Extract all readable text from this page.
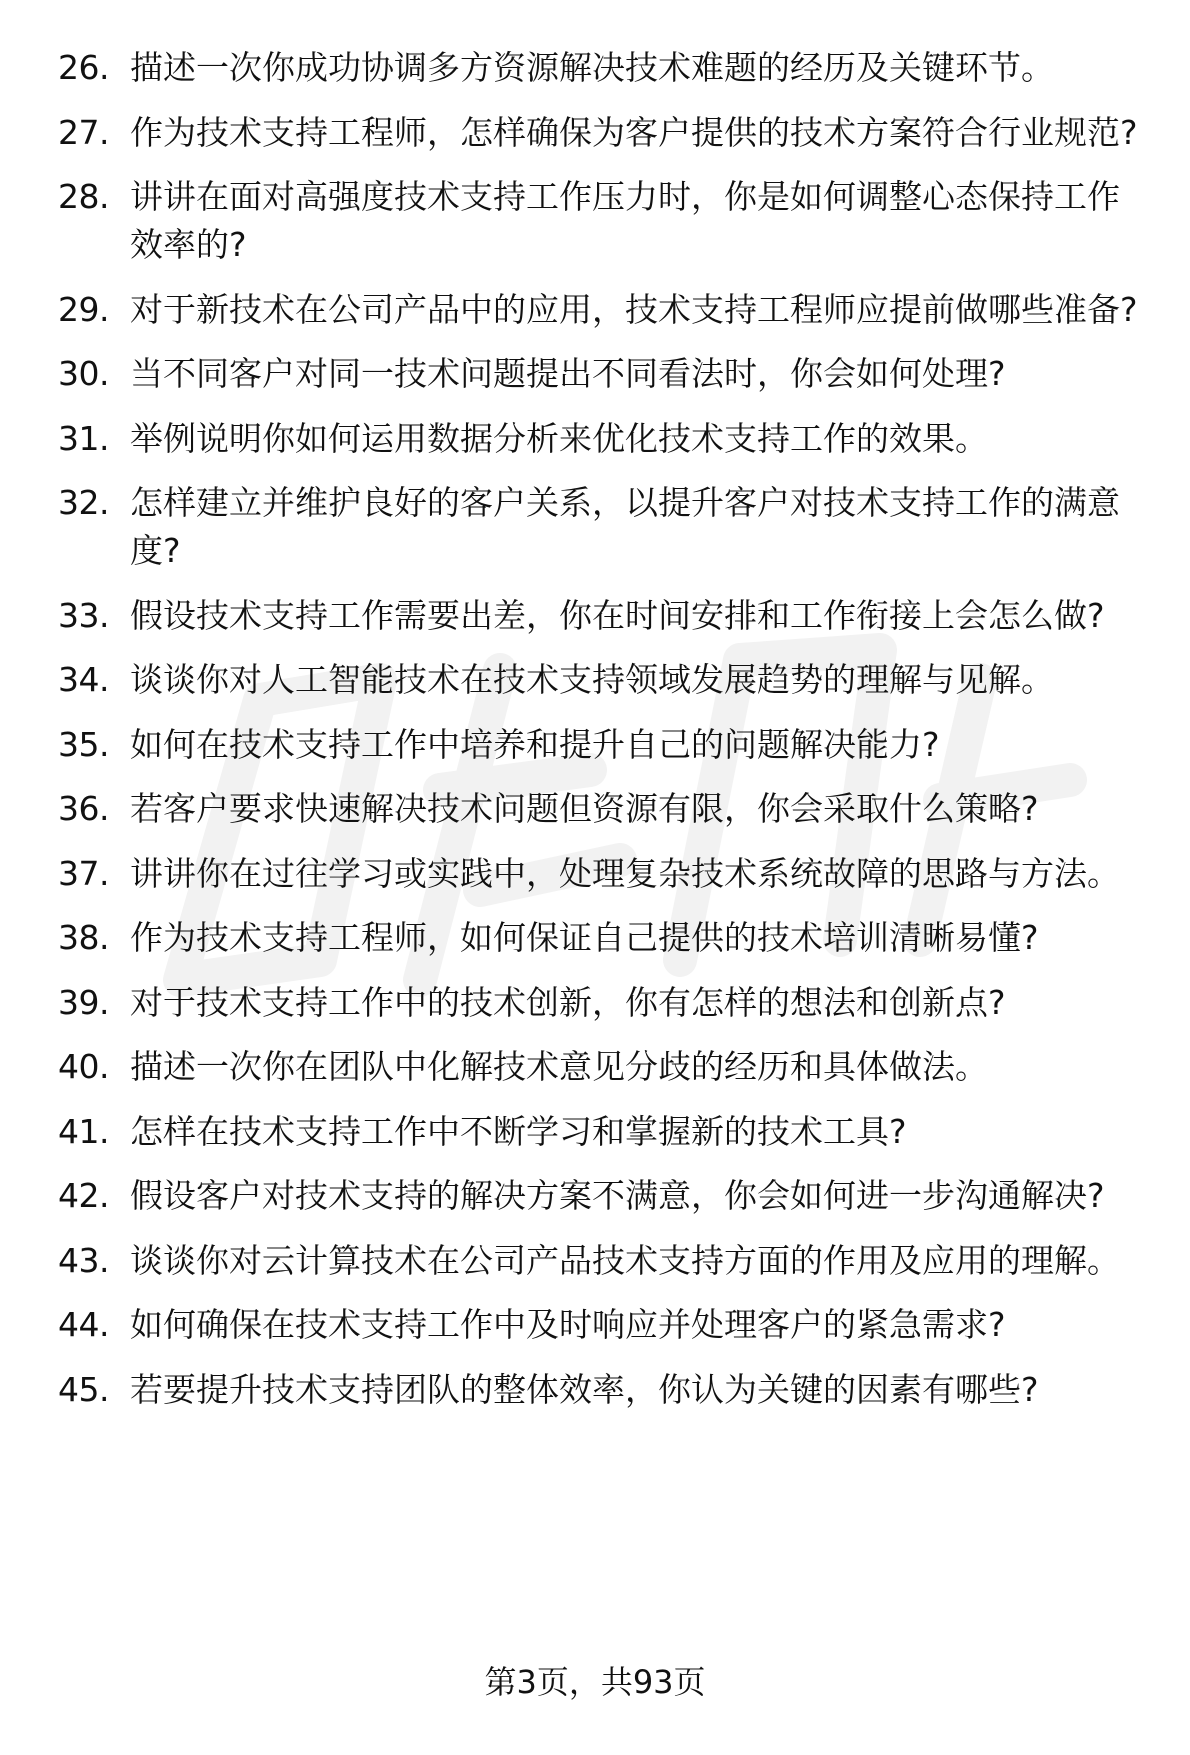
26. 描述一次你成功协调多方资源解决技术难题的经历及关键环节。
27. 作为技术支持工程师，怎样确保为客户提供的技术方案符合行业规范?
28. 讲讲在面对高强度技术支持工作压力时，你是如何调整心态保持工作效率的?
29. 对于新技术在公司产品中的应用，技术支持工程师应提前做哪些准备?
30. 当不同客户对同一技术问题提出不同看法时，你会如何处理?
31. 举例说明你如何运用数据分析来优化技术支持工作的效果。
32. 怎样建立并维护良好的客户关系，以提升客户对技术支持工作的满意度?
33. 假设技术支持工作需要出差，你在时间安排和工作衔接上会怎么做?
34. 谈谈你对人工智能技术在技术支持领域发展趋势的理解与见解。
35. 如何在技术支持工作中培养和提升自己的问题解决能力?
36. 若客户要求快速解决技术问题但资源有限，你会采取什么策略?
37. 讲讲你在过往学习或实践中，处理复杂技术系统故障的思路与方法。
38. 作为技术支持工程师，如何保证自己提供的技术培训清晰易懂?
39. 对于技术支持工作中的技术创新，你有怎样的想法和创新点?
40. 描述一次你在团队中化解技术意见分歧的经历和具体做法。
41. 怎样在技术支持工作中不断学习和掌握新的技术工具?
42. 假设客户对技术支持的解决方案不满意，你会如何进一步沟通解决?
43. 谈谈你对云计算技术在公司产品技术支持方面的作用及应用的理解。
44. 如何确保在技术支持工作中及时响应并处理客户的紧急需求?
45. 若要提升技术支持团队的整体效率，你认为关键的因素有哪些?
第3页，共93页
